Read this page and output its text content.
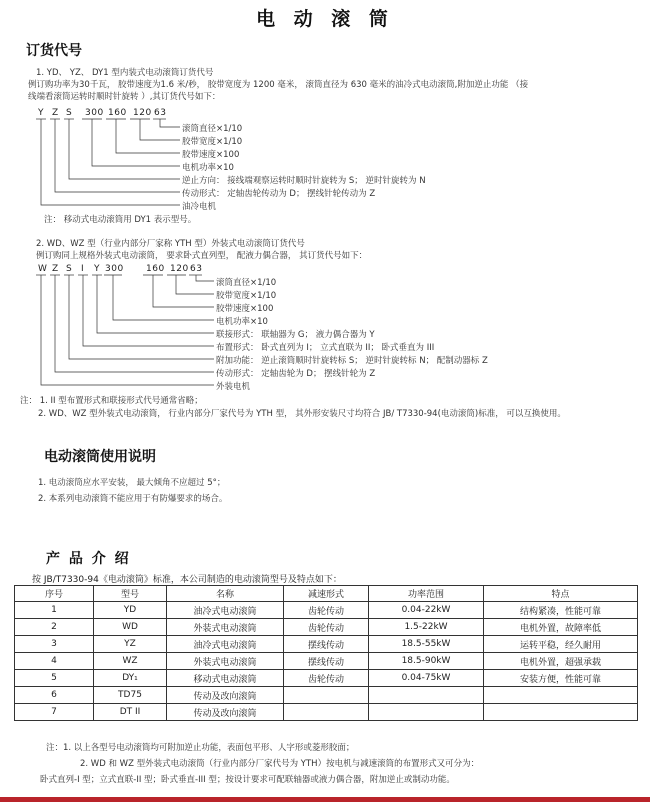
电 动 滚 筒
订货代号
1. YD、 YZ、 DY1 型内装式电动滚筒订货代号
例订购功率为30千瓦， 胶带速度为1.6 米/秒， 胶带宽度为 1200 毫米， 滚筒直径为 630 毫米的油冷式电动滚筒,附加逆止功能 （接
线端看滚筒运转时顺时针旋转 ）,其订货代号如下：
Y Z S 300 160 120 63
滚筒直径×1/10
胶带宽度×1/10
胶带速度×100
电机功率×10
逆止方向： 接线端观察运转时顺时针旋转为 S； 逆时针旋转为 N
传动形式： 定轴齿轮传动为 D； 摆线针轮传动为 Z
油冷电机
注： 移动式电动滚筒用 DY1 表示型号。
2. WD、WZ 型（行业内部分厂家称 YTH 型）外装式电动滚筒订货代号
例订购同上规格外装式电动滚筒， 要求卧式直列型， 配液力偶合器， 其订货代号如下：
W Z S I Y 300 160 120 63
滚筒直径×1/10
胶带宽度×1/10
胶带速度×100
电机功率×10
联接形式： 联轴器为 G； 液力偶合器为 Y
布置形式： 卧式直列为 I； 立式直联为 II； 卧式垂直为 III
附加功能： 逆止滚筒顺时针旋转标 S； 逆时针旋转标 N； 配制动器标 Z
传动形式： 定轴齿轮为 D； 摆线针轮为 Z
外装电机
注： 1. II 型布置形式和联接形式代号通常省略；
2. WD、WZ 型外装式电动滚筒， 行业内部分厂家代号为 YTH 型， 其外形安装尺寸均符合 JB/ T7330-94(电动滚筒)标准， 可以互换使用。
电动滚筒使用说明
1. 电动滚筒应水平安装， 最大倾角不应超过 5°；
2. 本系列电动滚筒不能应用于有防爆要求的场合。
产 品 介 绍
按 JB/T7330-94《电动滚筒》标准，本公司制造的电动滚筒型号及特点如下：
序号	型号	名称	减速形式	功率范围	特点
1	YD	油冷式电动滚筒	齿轮传动	0.04-22kW	结构紧凑，性能可靠
2	WD	外装式电动滚筒	齿轮传动	1.5-22kW	电机外置，故障率低
3	YZ	油冷式电动滚筒	摆线传动	18.5-55kW	运转平稳，经久耐用
4	WZ	外装式电动滚筒	摆线传动	18.5-90kW	电机外置，超强承载
5	DY₁	移动式电动滚筒	齿轮传动	0.04-75kW	安装方便，性能可靠
6	TD75	传动及改向滚筒			
7	DT II	传动及改向滚筒			
注：1. 以上各型号电动滚筒均可附加逆止功能，表面包平形、人字形或菱形胶面；
2. WD 和 WZ 型外装式电动滚筒（行业内部分厂家代号为 YTH）按电机与减速滚筒的布置形式又可分为：
卧式直列-I 型；立式直联-II 型；卧式垂直-III 型；按设计要求可配联轴器或液力偶合器，附加逆止或制动功能。
